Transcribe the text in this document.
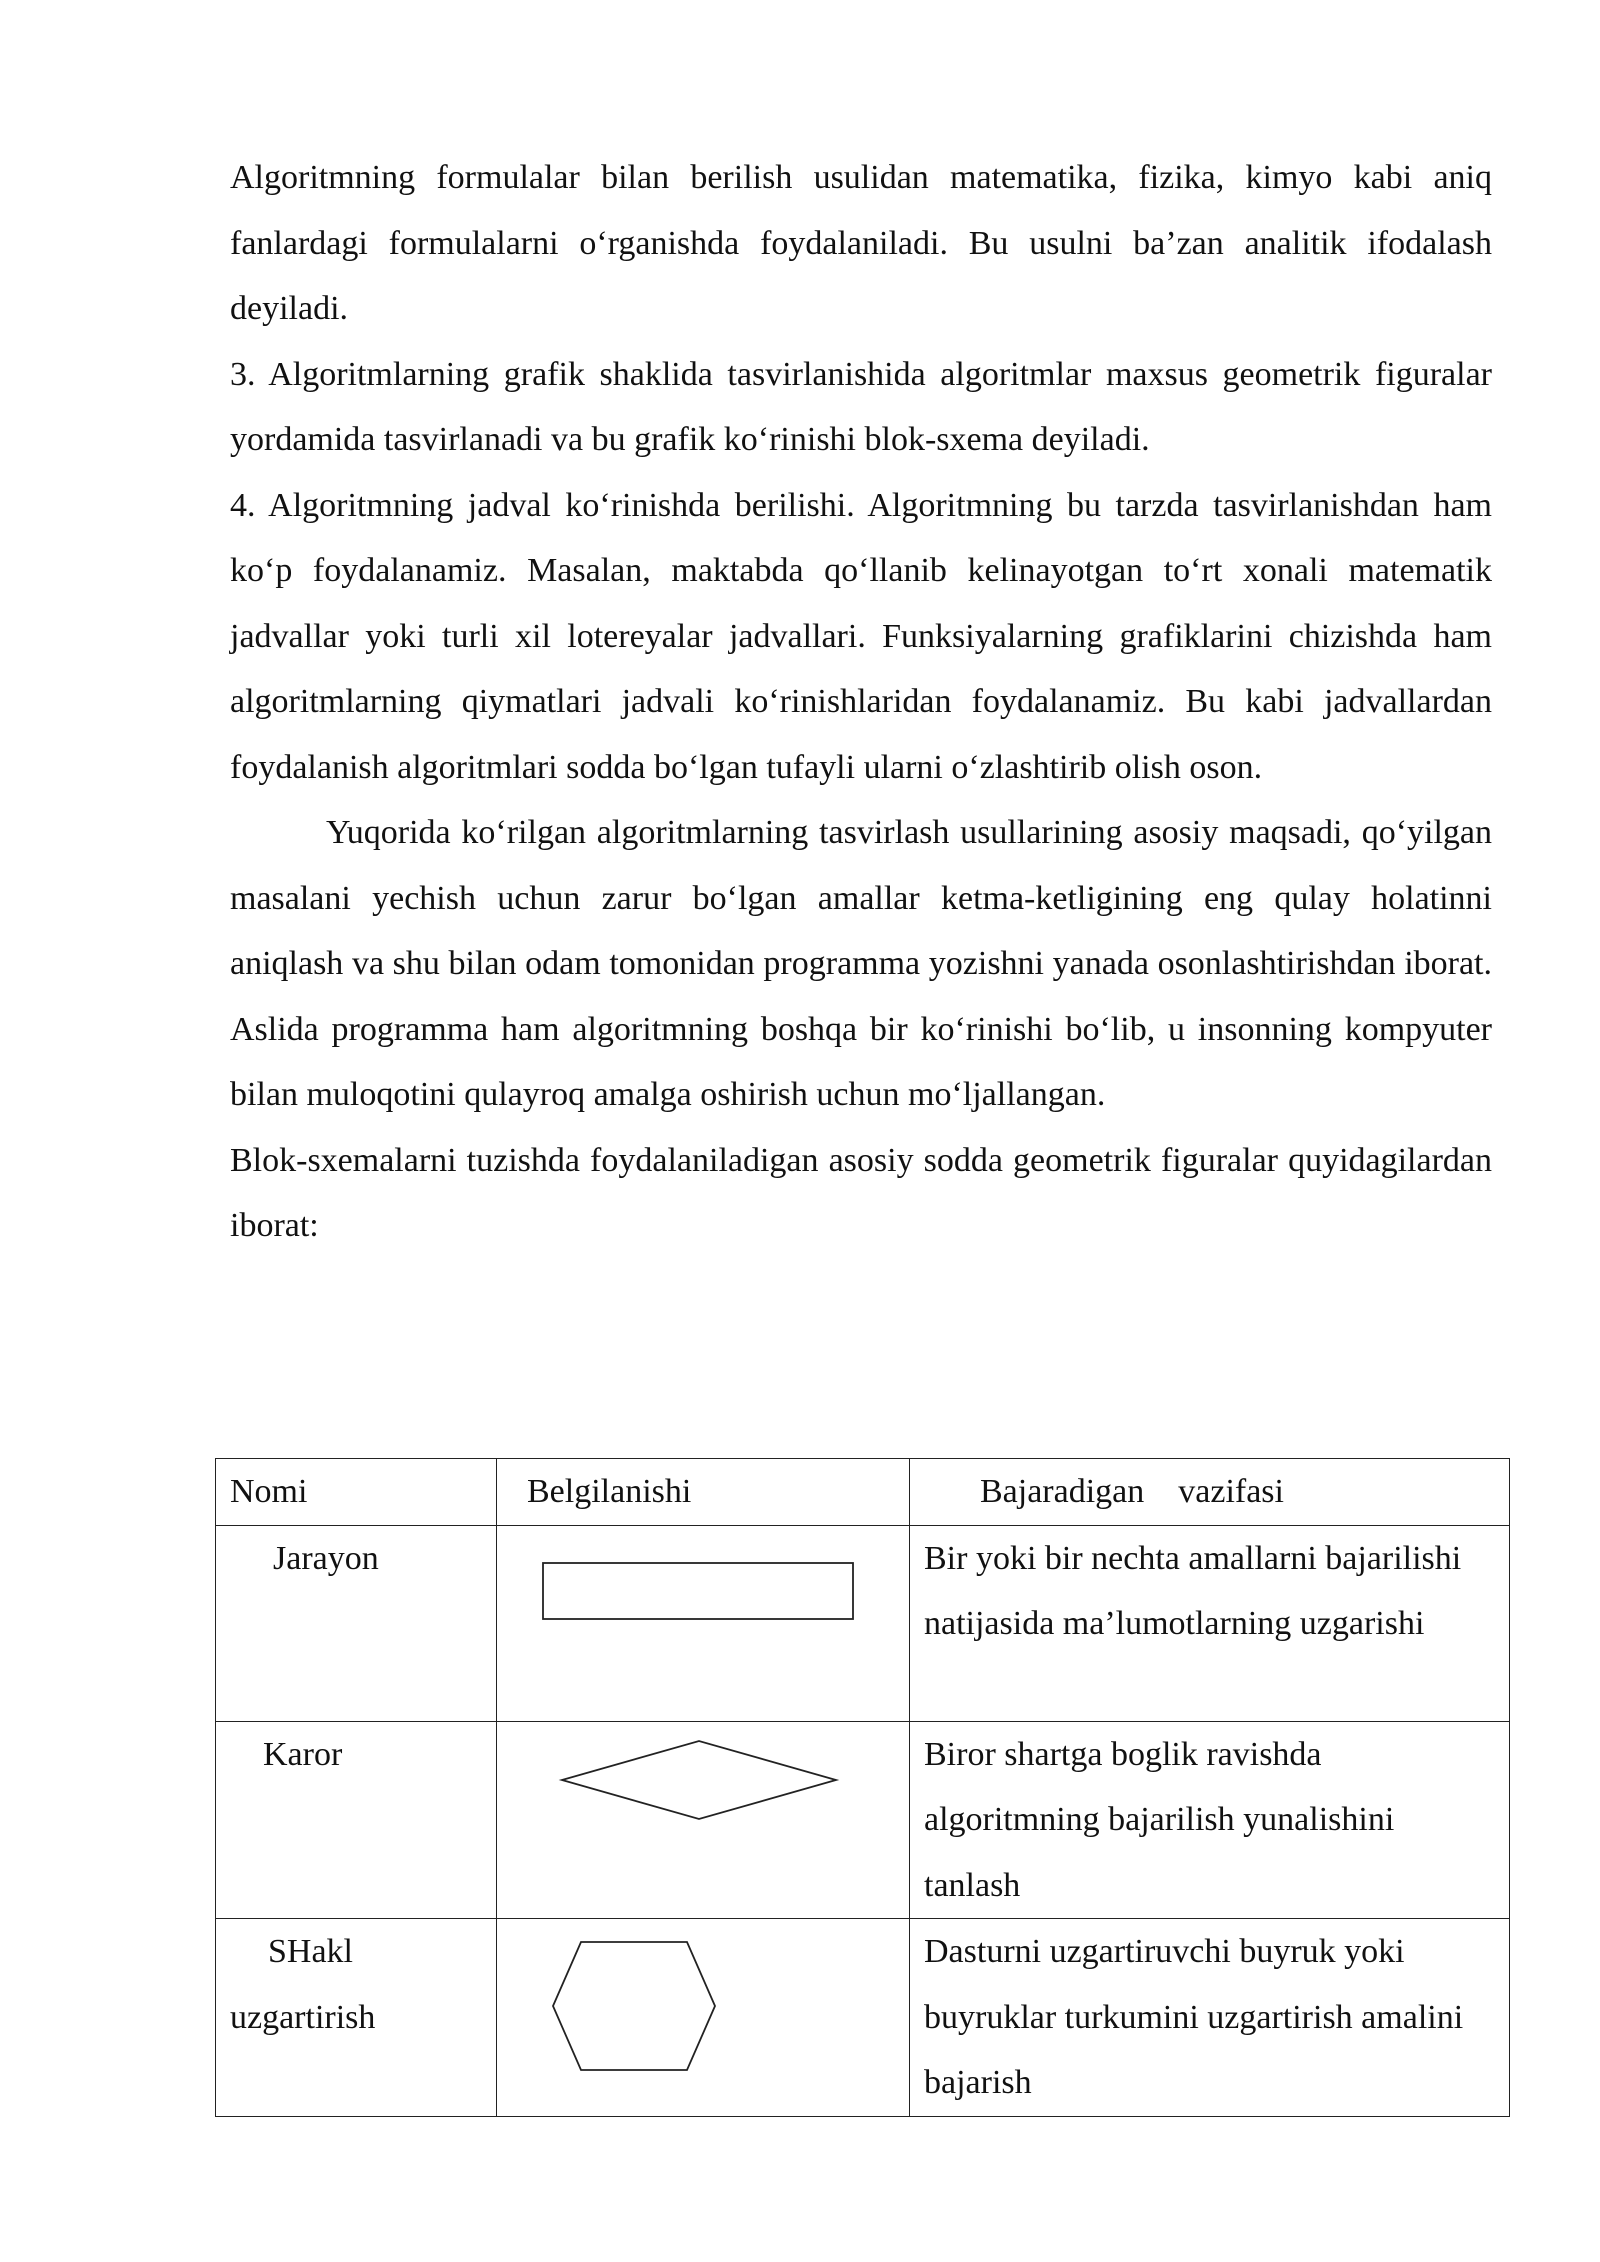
Algoritmning formulalar bilan berilish usulidan matematika, fizika, kimyo kabi aniq fanlardagi formulalarni o‘rganishda foydalaniladi. Bu usulni ba’zan analitik ifodalash deyiladi.

3. Algoritmlarning grafik shaklida tasvirlanishida algoritmlar maxsus geometrik figuralar yordamida tasvirlanadi va bu grafik ko‘rinishi blok-sxema deyiladi.

4. Algoritmning jadval ko‘rinishda berilishi. Algoritmning bu tarzda tasvirlanishdan ham ko‘p foydalanamiz. Masalan, maktabda qo‘llanib kelinayotgan to‘rt xonali matematik jadvallar yoki turli xil lotereyalar jadvallari. Funksiyalarning grafiklarini chizishda ham algoritmlarning qiymatlari jadvali ko‘rinishlaridan foydalanamiz. Bu kabi jadvallardan foydalanish algoritmlari sodda bo‘lgan tufayli ularni o‘zlashtirib olish oson.

Yuqorida ko‘rilgan algoritmlarning tasvirlash usullarining asosiy maqsadi, qo‘yilgan masalani yechish uchun zarur bo‘lgan amallar ketma-ketligining eng qulay holatinni aniqlash va shu bilan odam tomonidan programma yozishni yanada osonlashtirishdan iborat. Aslida programma ham algoritmning boshqa bir ko‘rinishi bo‘lib, u insonning kompyuter bilan muloqotini qulayroq amalga oshirish uchun mo‘ljallangan.

Blok-sxemalarni tuzishda foydalaniladigan asosiy sodda geometrik figuralar quyidagilardan iborat:

Nomi	Belgilanishi	Bajaradigan    vazifasi
Jarayon		Bir yoki bir nechta amallarni bajarilishi natijasida ma’lumotlarning uzgarishi
Karor		Biror shartga boglik ravishda algoritmning bajarilish yunalishini tanlash

SHakl
uzgartirish		Dasturni uzgartiruvchi buyruk yoki buyruklar turkumini uzgartirish amalini bajarish
